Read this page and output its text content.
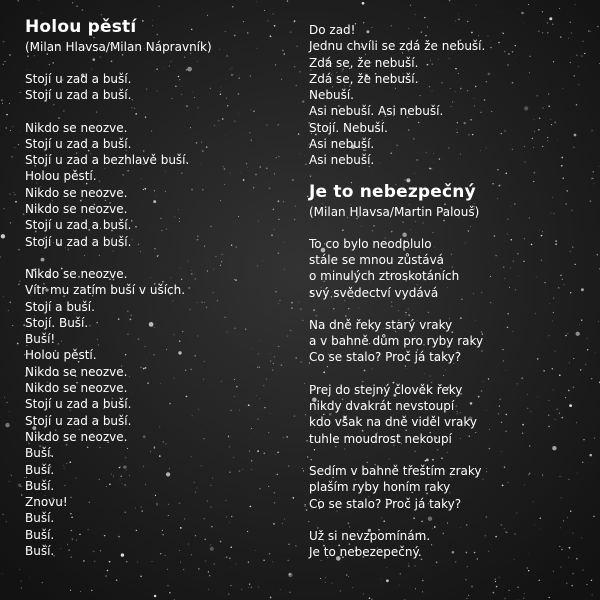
Holou pěstí
(Milan Hlavsa/Milan Nápravník)
Stojí u zad a buší.
Stojí u zad a buší.
Nikdo se neozve.
Stojí u zad a buší.
Stojí u zad a bezhlavě buší.
Holou pěstí.
Nikdo se neozve.
Nikdo se neozve.
Stojí u zad a buší.
Stojí u zad a buší.
Nikdo se neozve.
Vítr mu zatím buší v uších.
Stojí a buší.
Stojí. Buší.
Buší!
Holou pěstí.
Nikdo se neozve.
Nikdo se neozve.
Stojí u zad a buší.
Stojí u zad a buší.
Nikdo se neozve.
Buší.
Buší.
Buší.
Znovu!
Buší.
Buší.
Buší.
Do zad!
Jednu chvíli se zdá že nebuší.
Zdá se, že nebuší.
Zdá se, že nebuší.
Nebuší.
Asi nebuší. Asi nebuší.
Stojí. Nebuší.
Asi nebuší.
Asi nebuší.
Je to nebezpečný
(Milan Hlavsa/Martin Palouš)
To co bylo neodplulo
stále se mnou zůstává
o minulých ztroskotáních
svý svědectví vydává
Na dně řeky starý vraky
a v bahně dům pro ryby raky
Co se stalo? Proč já taky?
Prej do stejný člověk řeky
nikdy dvakrát nevstoupí
kdo však na dně viděl vraky
tuhle moudrost nekoupí
Sedím v bahně třeštím zraky
plaším ryby honím raky
Co se stalo? Proč já taky?
Už si nevzpomínám.
Je to nebezepečný.
